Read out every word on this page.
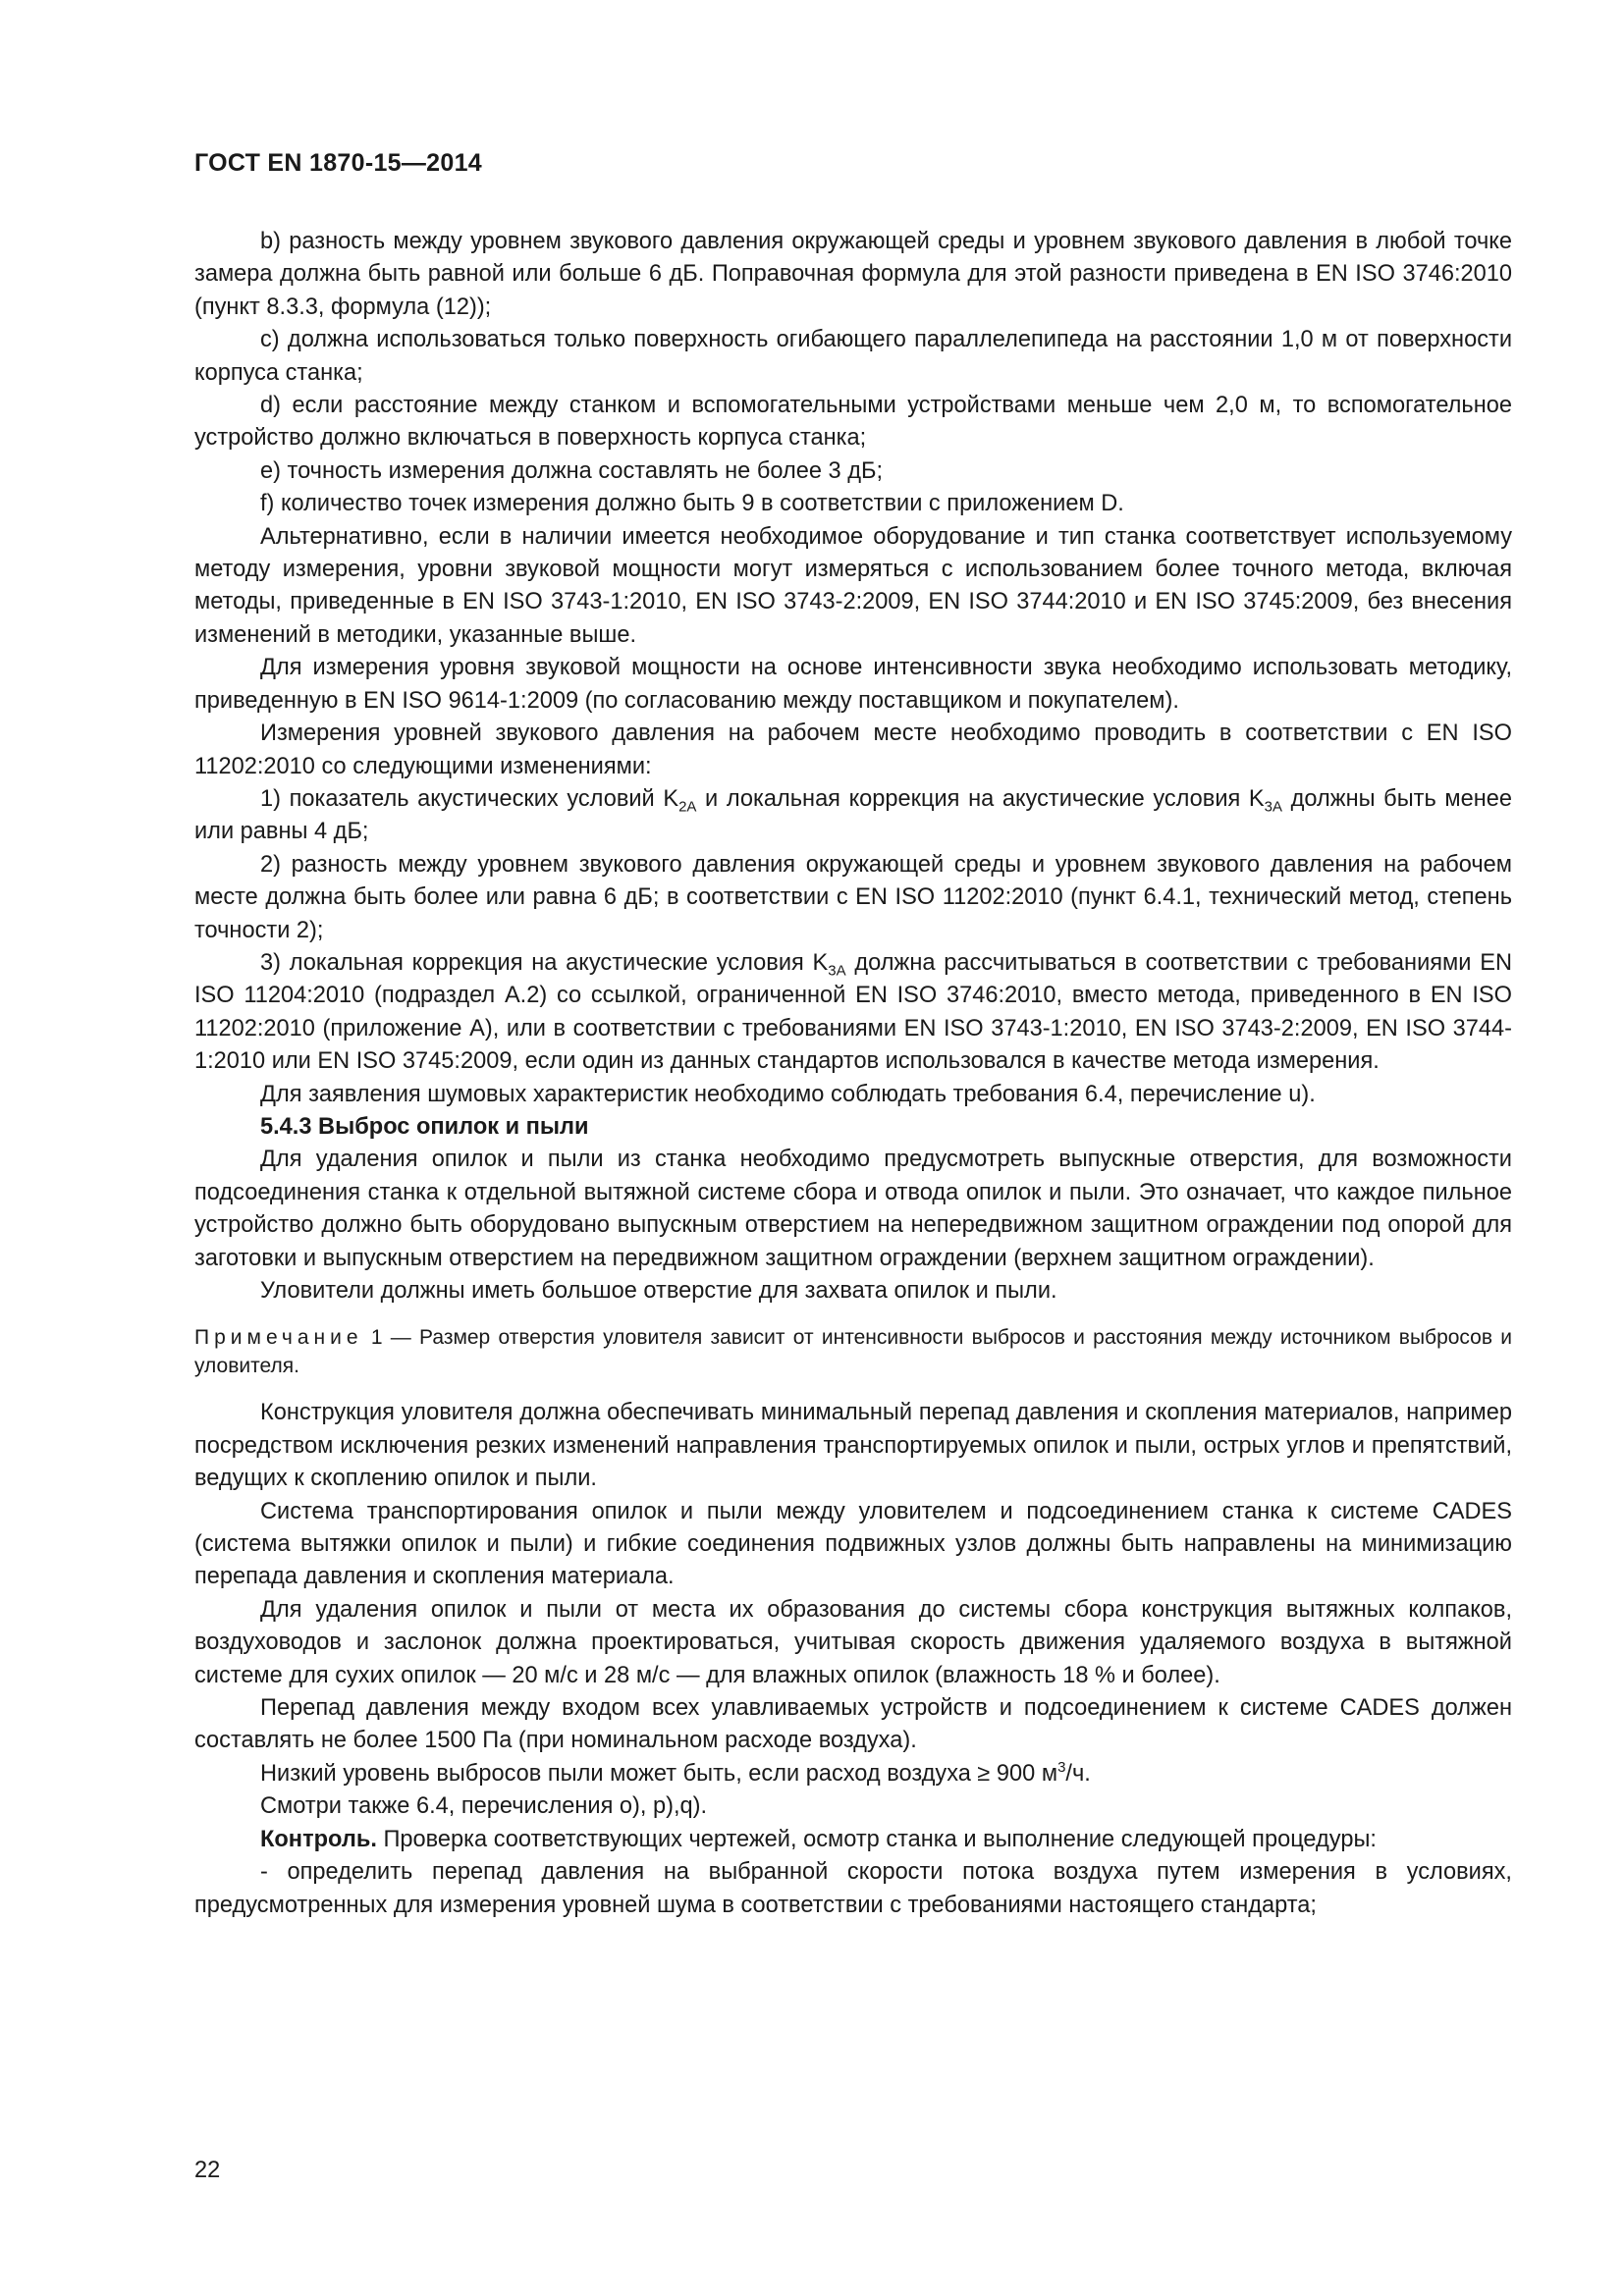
ГОСТ EN 1870-15—2014

b) разность между уровнем звукового давления окружающей среды и уровнем звукового давления в любой точке замера должна быть равной или больше 6 дБ. Поправочная формула для этой разности приведена в EN ISO 3746:2010 (пункт 8.3.3, формула (12));

c) должна использоваться только поверхность огибающего параллелепипеда на расстоянии 1,0 м от поверхности корпуса станка;

d) если расстояние между станком и вспомогательными устройствами меньше чем 2,0 м, то вспомогательное устройство должно включаться в поверхность корпуса станка;

e) точность измерения должна составлять не более 3 дБ;

f) количество точек измерения должно быть 9 в соответствии с приложением D.

Альтернативно, если в наличии имеется необходимое оборудование и тип станка соответствует используемому методу измерения, уровни звуковой мощности могут измеряться с использованием более точного метода, включая методы, приведенные в EN ISO 3743-1:2010, EN ISO 3743-2:2009, EN ISO 3744:2010 и EN ISO 3745:2009, без внесения изменений в методики, указанные выше.

Для измерения уровня звуковой мощности на основе интенсивности звука необходимо использовать методику, приведенную в EN ISO 9614-1:2009 (по согласованию между поставщиком и покупателем).

Измерения уровней звукового давления на рабочем месте необходимо проводить в соответствии с EN ISO 11202:2010 со следующими изменениями:

1) показатель акустических условий $K_{2A}$ и локальная коррекция на акустические условия $K_{3A}$ должны быть менее или равны 4 дБ;

2) разность между уровнем звукового давления окружающей среды и уровнем звукового давления на рабочем месте должна быть более или равна 6 дБ; в соответствии с EN ISO 11202:2010 (пункт 6.4.1, технический метод, степень точности 2);

3) локальная коррекция на акустические условия $K_{3A}$ должна рассчитываться в соответствии с требованиями EN ISO 11204:2010 (подраздел A.2) со ссылкой, ограниченной EN ISO 3746:2010, вместо метода, приведенного в EN ISO 11202:2010 (приложение A), или в соответствии с требованиями EN ISO 3743-1:2010, EN ISO 3743-2:2009, EN ISO 3744-1:2010 или EN ISO 3745:2009, если один из данных стандартов использовался в качестве метода измерения.

Для заявления шумовых характеристик необходимо соблюдать требования 6.4, перечисление u).

5.4.3 Выброс опилок и пыли

Для удаления опилок и пыли из станка необходимо предусмотреть выпускные отверстия, для возможности подсоединения станка к отдельной вытяжной системе сбора и отвода опилок и пыли. Это означает, что каждое пильное устройство должно быть оборудовано выпускным отверстием на непередвижном защитном ограждении под опорой для заготовки и выпускным отверстием на передвижном защитном ограждении (верхнем защитном ограждении).

Уловители должны иметь большое отверстие для захвата опилок и пыли.

Примечание 1 — Размер отверстия уловителя зависит от интенсивности выбросов и расстояния между источником выбросов и уловителя.

Конструкция уловителя должна обеспечивать минимальный перепад давления и скопления материалов, например посредством исключения резких изменений направления транспортируемых опилок и пыли, острых углов и препятствий, ведущих к скоплению опилок и пыли.

Система транспортирования опилок и пыли между уловителем и подсоединением станка к системе CADES (система вытяжки опилок и пыли) и гибкие соединения подвижных узлов должны быть направлены на минимизацию перепада давления и скопления материала.

Для удаления опилок и пыли от места их образования до системы сбора конструкция вытяжных колпаков, воздуховодов и заслонок должна проектироваться, учитывая скорость движения удаляемого воздуха в вытяжной системе для сухих опилок — 20 м/с и 28 м/с — для влажных опилок (влажность 18 % и более).

Перепад давления между входом всех улавливаемых устройств и подсоединением к системе CADES должен составлять не более 1500 Па (при номинальном расходе воздуха).

Низкий уровень выбросов пыли может быть, если расход воздуха ≥ 900 $м^3/ч$.

Смотри также 6.4, перечисления o), p),q).

Контроль. Проверка соответствующих чертежей, осмотр станка и выполнение следующей процедуры:

- определить перепад давления на выбранной скорости потока воздуха путем измерения в условиях, предусмотренных для измерения уровней шума в соответствии с требованиями настоящего стандарта;

22
